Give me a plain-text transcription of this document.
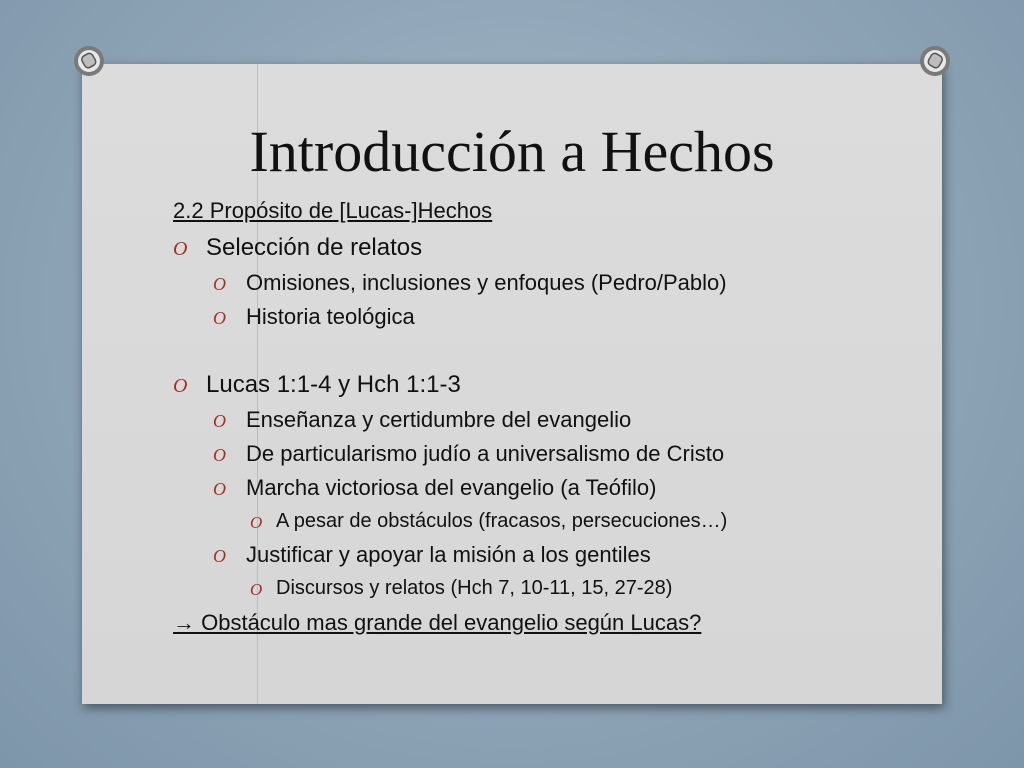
Introducción a Hechos

2.2 Propósito de [Lucas-]Hechos

O Selección de relatos
O Omisiones, inclusiones y enfoques (Pedro/Pablo)
O Historia teológica
O Lucas 1:1-4 y Hch 1:1-3
O Enseñanza y certidumbre del evangelio
O De particularismo judío a universalismo de Cristo
O Marcha victoriosa del evangelio (a Teófilo)
O A pesar de obstáculos (fracasos, persecuciones…)
O Justificar y apoyar la misión a los gentiles
O Discursos y relatos (Hch 7, 10-11, 15, 27-28)
→ Obstáculo mas grande del evangelio según Lucas?
